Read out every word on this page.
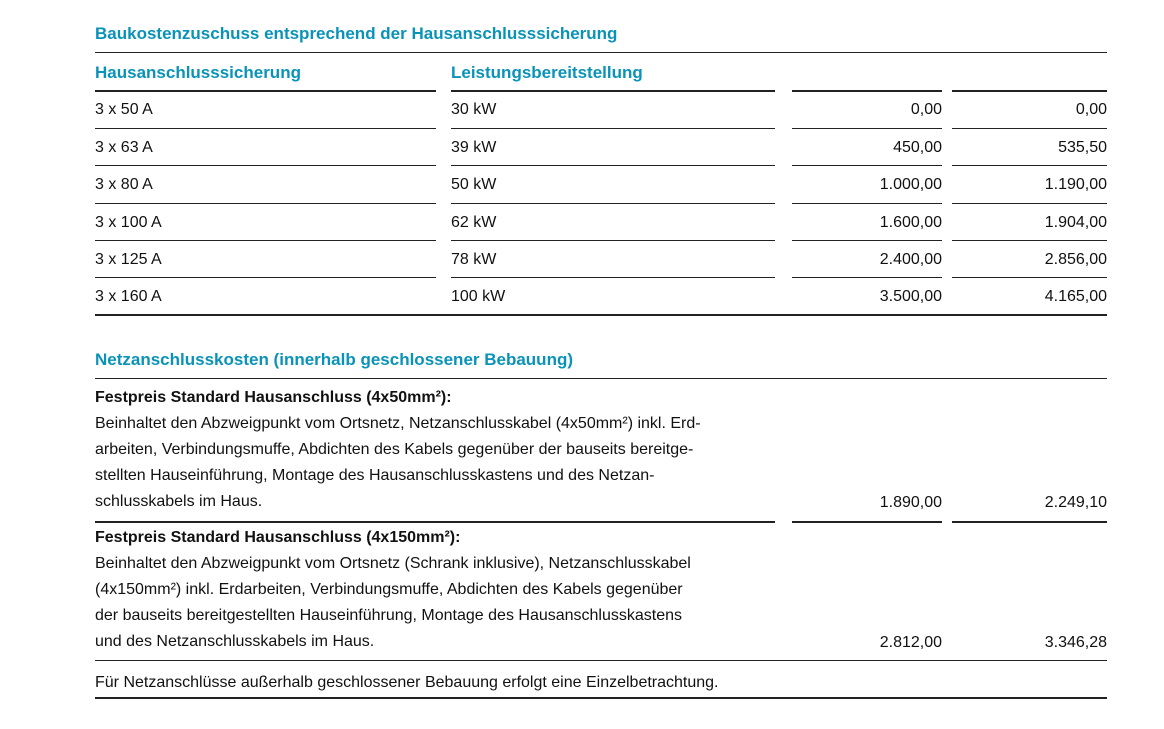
Baukostenzuschuss entsprechend der Hausanschlusssicherung
Hausanschlusssicherung	Leistungsbereitstellung
3 x 50 A	30 kW	0,00	0,00
3 x 63 A	39 kW	450,00	535,50
3 x 80 A	50 kW	1.000,00	1.190,00
3 x 100 A	62 kW	1.600,00	1.904,00
3 x 125 A	78 kW	2.400,00	2.856,00
3 x 160 A	100 kW	3.500,00	4.165,00
Netzanschlusskosten (innerhalb geschlossener Bebauung)
Festpreis Standard Hausanschluss (4x50mm²):
Beinhaltet den Abzweigpunkt vom Ortsnetz, Netzanschlusskabel (4x50mm²) inkl. Erd-
arbeiten, Verbindungsmuffe, Abdichten des Kabels gegenüber der bauseits bereitge-
stellten Hauseinführung, Montage des Hausanschlusskastens und des Netzan-
schlusskabels im Haus.	1.890,00	2.249,10
Festpreis Standard Hausanschluss (4x150mm²):
Beinhaltet den Abzweigpunkt vom Ortsnetz (Schrank inklusive), Netzanschlusskabel
(4x150mm²) inkl. Erdarbeiten, Verbindungsmuffe, Abdichten des Kabels gegenüber
der bauseits bereitgestellten Hauseinführung, Montage des Hausanschlusskastens
und des Netzanschlusskabels im Haus.	2.812,00	3.346,28
Für Netzanschlüsse außerhalb geschlossener Bebauung erfolgt eine Einzelbetrachtung.
